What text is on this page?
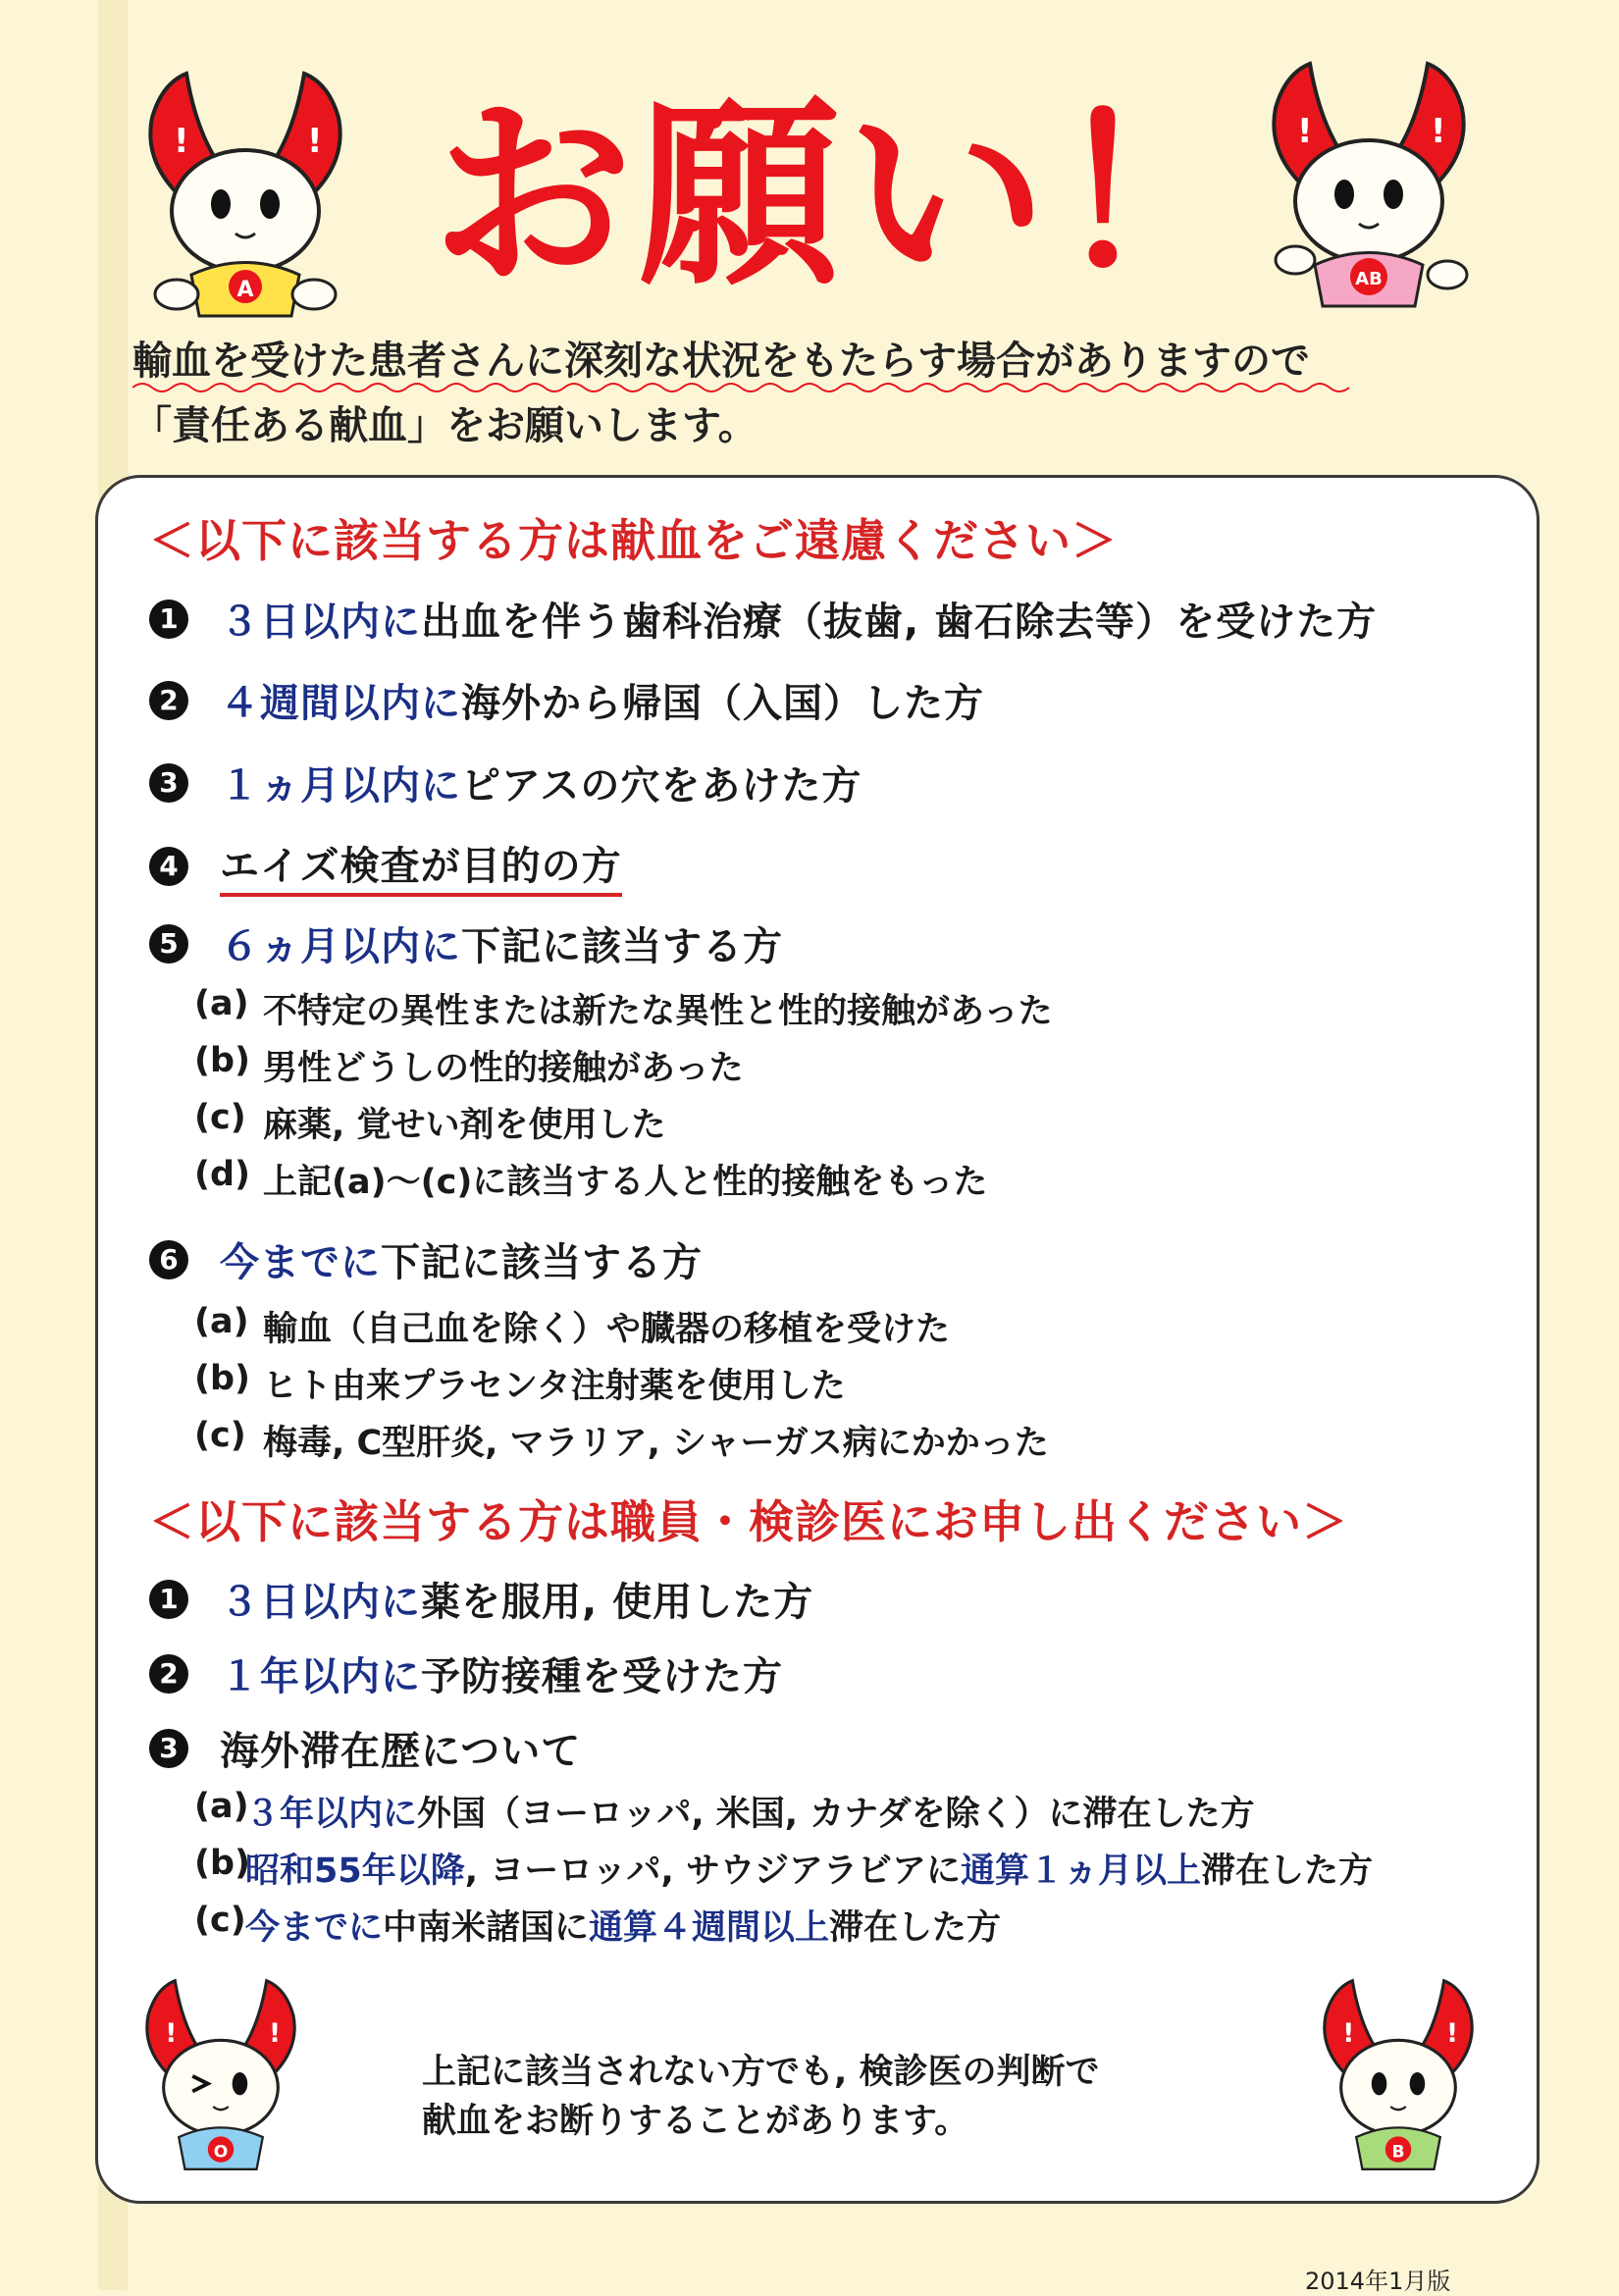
!	!
A
!	!
AB
お願い！
輸血を受けた患者さんに深刻な状況をもたらす場合がありますので
「責任ある献血」をお願いします。
＜以下に該当する方は献血をご遠慮ください＞
1 ３日以内に出血を伴う歯科治療（抜歯, 歯石除去等）を受けた方
2 ４週間以内に海外から帰国（入国）した方
3 １ヵ月以内にピアスの穴をあけた方
4 エイズ検査が目的の方
5 ６ヵ月以内に下記に該当する方
(a) 不特定の異性または新たな異性と性的接触があった
(b) 男性どうしの性的接触があった
(c) 麻薬, 覚せい剤を使用した
(d) 上記(a)～(c)に該当する人と性的接触をもった
6 今までに下記に該当する方
(a) 輸血（自己血を除く）や臓器の移植を受けた
(b) ヒト由来プラセンタ注射薬を使用した
(c) 梅毒, C型肝炎, マラリア, シャーガス病にかかった
＜以下に該当する方は職員・検診医にお申し出ください＞
1 ３日以内に薬を服用, 使用した方
2 １年以内に予防接種を受けた方
3 海外滞在歴について
(a)
３年以内に 外国（ヨーロッパ, 米国, カナダを除く）に滞在した方
(b)
昭和55年以降 , ヨーロッパ, サウジアラビアに 通算１ヵ月以上 滞在した方
(c) 今までに 中南米諸国に 通算４週間以上 滞在した方
!	!
O
上記に該当されない方でも, 検診医の判断で
献血をお断りすることがあります。
!	!
B
2014年1月版
